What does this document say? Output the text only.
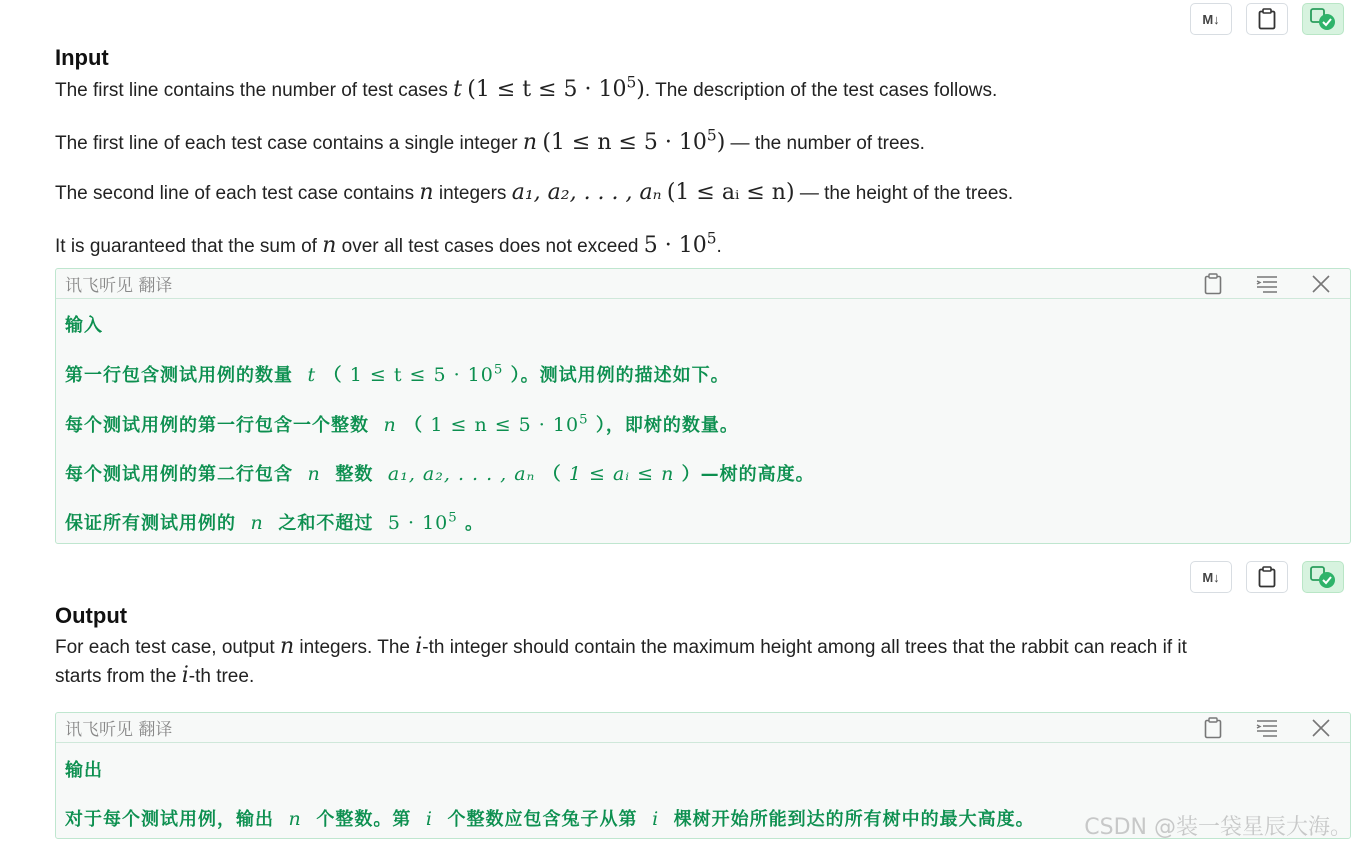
M↓
Input
The first line contains the number of test cases t $(1 \le t \le 5 \cdot 10^5)$. The description of the test cases follows.
The first line of each test case contains a single integer n $(1 \le n \le 5 \cdot 10^5)$ — the number of trees.
The second line of each test case contains n integers a₁, a₂, . . . , aₙ (1 ≤ aᵢ ≤ n) — the height of the trees.
It is guaranteed that the sum of n over all test cases does not exceed $5 \cdot 10^5$.
讯飞听见 翻译
输入
第一行包含测试用例的数量 t （ $1 \le t \le 5 \cdot 10^5$ ）。测试用例的描述如下。
每个测试用例的第一行包含一个整数 n （ $1 \le n \le 5 \cdot 10^5$ ），即树的数量。
每个测试用例的第二行包含 n 整数 a₁, a₂, . . . , aₙ （ 1 ≤ aᵢ ≤ n ）—树的高度。
保证所有测试用例的 n 之和不超过 $5 \cdot 10^5$ 。
M↓
Output
For each test case, output n integers. The i-th integer should contain the maximum height among all trees that the rabbit can reach if it
starts from the i-th tree.
讯飞听见 翻译
输出
对于每个测试用例，输出 n 个整数。第 i 个整数应包含兔子从第 i 棵树开始所能到达的所有树中的最大高度。 CSDN @装一袋星辰大海。
